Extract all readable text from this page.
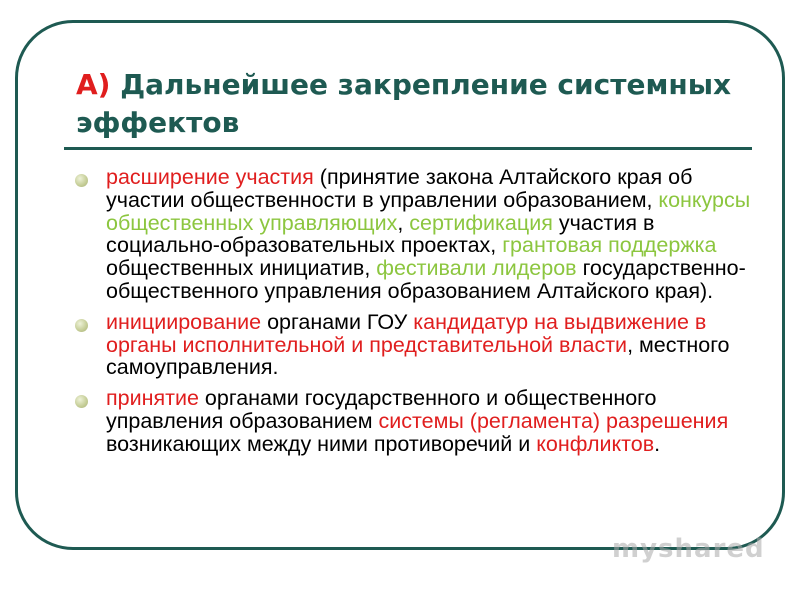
А) Дальнейшее закрепление системных эффектов
расширение участия (принятие закона Алтайского края об участии общественности в управлении образованием, конкурсы общественных управляющих, сертификация участия в социально-образовательных проектах, грантовая поддержка общественных инициатив, фестивали лидеров государственно-общественного управления образованием Алтайского края).
инициирование органами ГОУ кандидатур на выдвижение в органы исполнительной и представительной власти, местного самоуправления.
принятие органами государственного и общественного управления образованием системы (регламента) разрешения возникающих между ними противоречий и конфликтов.
myshared
